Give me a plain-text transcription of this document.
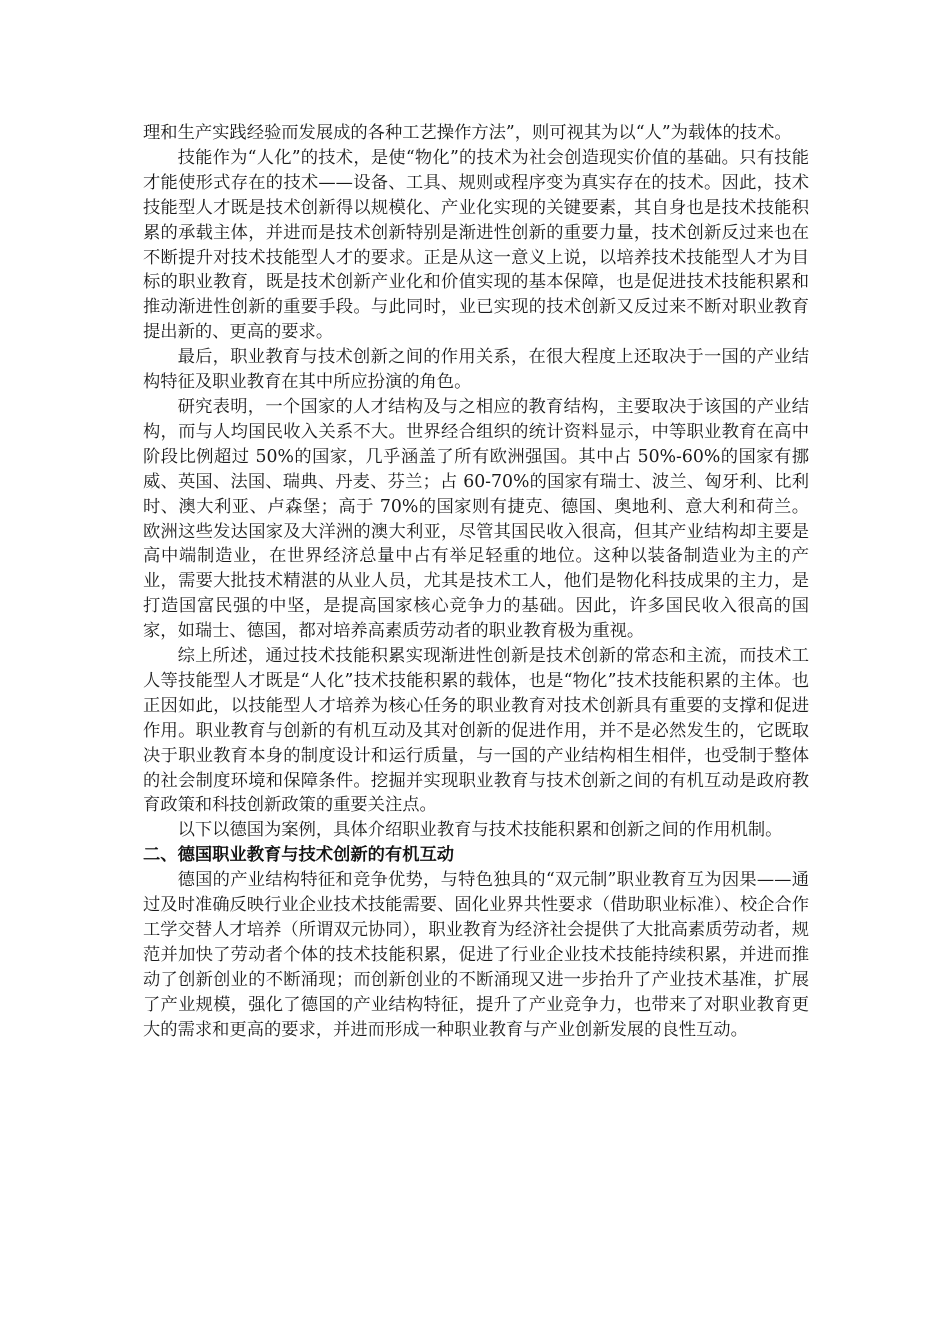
理和生产实践经验而发展成的各种工艺操作方法”，则可视其为以“人”为载体的技术。

技能作为“人化”的技术，是使“物化”的技术为社会创造现实价值的基础。只有技能才能使形式存在的技术——设备、工具、规则或程序变为真实存在的技术。因此，技术技能型人才既是技术创新得以规模化、产业化实现的关键要素，其自身也是技术技能积累的承载主体，并进而是技术创新特别是渐进性创新的重要力量，技术创新反过来也在不断提升对技术技能型人才的要求。正是从这一意义上说，以培养技术技能型人才为目标的职业教育，既是技术创新产业化和价值实现的基本保障，也是促进技术技能积累和推动渐进性创新的重要手段。与此同时，业已实现的技术创新又反过来不断对职业教育提出新的、更高的要求。

最后，职业教育与技术创新之间的作用关系，在很大程度上还取决于一国的产业结构特征及职业教育在其中所应扮演的角色。

研究表明，一个国家的人才结构及与之相应的教育结构，主要取决于该国的产业结构，而与人均国民收入关系不大。世界经合组织的统计资料显示，中等职业教育在高中阶段比例超过 50%的国家，几乎涵盖了所有欧洲强国。其中占 50%-60%的国家有挪威、英国、法国、瑞典、丹麦、芬兰；占 60-70%的国家有瑞士、波兰、匈牙利、比利时、澳大利亚、卢森堡；高于 70%的国家则有捷克、德国、奥地利、意大利和荷兰。欧洲这些发达国家及大洋洲的澳大利亚，尽管其国民收入很高，但其产业结构却主要是高中端制造业，在世界经济总量中占有举足轻重的地位。这种以装备制造业为主的产业，需要大批技术精湛的从业人员，尤其是技术工人，他们是物化科技成果的主力，是打造国富民强的中坚，是提高国家核心竞争力的基础。因此，许多国民收入很高的国家，如瑞士、德国，都对培养高素质劳动者的职业教育极为重视。

综上所述，通过技术技能积累实现渐进性创新是技术创新的常态和主流，而技术工人等技能型人才既是“人化”技术技能积累的载体，也是“物化”技术技能积累的主体。也正因如此，以技能型人才培养为核心任务的职业教育对技术创新具有重要的支撑和促进作用。职业教育与创新的有机互动及其对创新的促进作用，并不是必然发生的，它既取决于职业教育本身的制度设计和运行质量，与一国的产业结构相生相伴，也受制于整体的社会制度环境和保障条件。挖掘并实现职业教育与技术创新之间的有机互动是政府教育政策和科技创新政策的重要关注点。

以下以德国为案例，具体介绍职业教育与技术技能积累和创新之间的作用机制。

二、德国职业教育与技术创新的有机互动

德国的产业结构特征和竞争优势，与特色独具的“双元制”职业教育互为因果——通过及时准确反映行业企业技术技能需要、固化业界共性要求（借助职业标准）、校企合作工学交替人才培养（所谓双元协同），职业教育为经济社会提供了大批高素质劳动者，规范并加快了劳动者个体的技术技能积累，促进了行业企业技术技能持续积累，并进而推动了创新创业的不断涌现；而创新创业的不断涌现又进一步抬升了产业技术基准，扩展了产业规模，强化了德国的产业结构特征，提升了产业竞争力，也带来了对职业教育更大的需求和更高的要求，并进而形成一种职业教育与产业创新发展的良性互动。
